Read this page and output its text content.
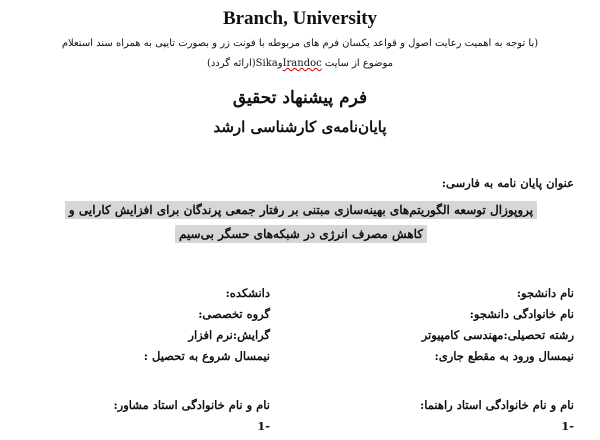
Branch, University
(با توجه به اهمیت رعایت اصول و قواعد یکسان فرم های مربوطه با فونت زر و بصورت تایپی به همراه سند استعلام
موضوع از سایت IrandocوSika(ارائه گردد)
فرم پیشنهاد تحقیق
پایان‌نامه‌ی کارشناسی ارشد
عنوان پایان نامه به فارسی:
پروپوزال توسعه الگوریتم‌های بهینه‌سازی مبتنی بر رفتار جمعی پرندگان برای افزایش کارایی و
کاهش مصرف انرژی در شبکه‌های حسگر بی‌سیم
نام دانشجو:
دانشکده:
نام خانوادگی دانشجو:
گروه تخصصی:
رشته تحصیلی:مهندسی کامپیوتر
گرایش:نرم افزار
نیمسال ورود به مقطع جاری:
نیمسال شروع به تحصیل :
نام و نام خانوادگی استاد راهنما:
نام و نام خانوادگی استاد مشاور:
-1
-1
